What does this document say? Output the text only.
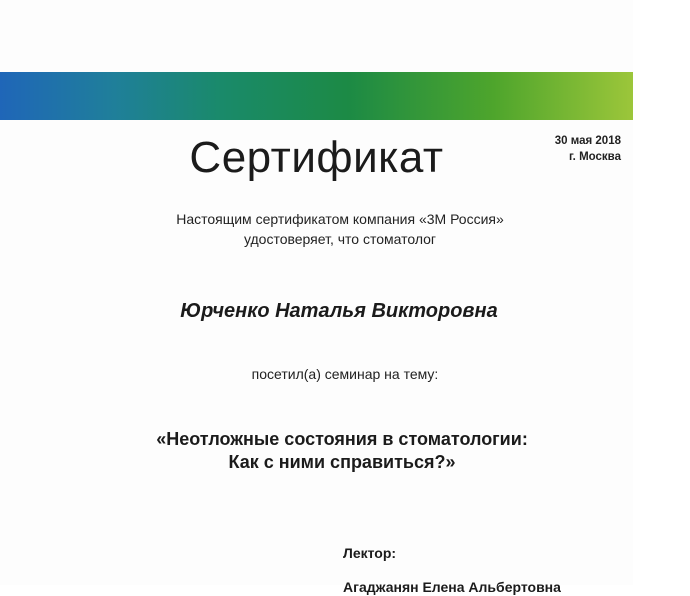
30 мая 2018
г. Москва
Сертификат
Настоящим сертификатом компания «3М Россия»
удостоверяет, что стоматолог
Юрченко Наталья Викторовна
посетил(а) семинар на тему:
«Неотложные состояния в стоматологии:
Как с ними справиться?»
Лектор:
Агаджанян Елена Альбертовна
